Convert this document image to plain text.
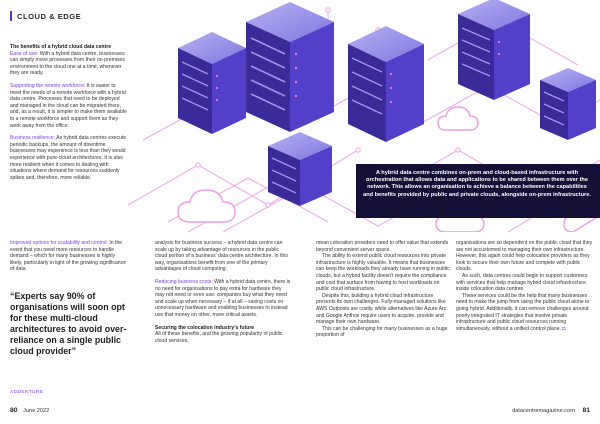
CLOUD & EDGE
The benefits of a hybrid cloud data centre

Ease of use: With a hybrid data centre, businesses can simply move processes from their on-premises environment to the cloud one at a time, whenever they are ready.

Supporting the remote workforce: It is easier to meet the needs of a remote workforce with a hybrid data centre. Processes that need to be deployed and managed in the cloud can be migrated there, and, as a result, it is simpler to make them available to a remote workforce and support them as they work away from the office.

Business resilience: As hybrid data centres execute periodic backups, the amount of downtime businesses may experience is less than they would experience with pure-cloud architectures. It is also more resilient when it comes to dealing with situations where demand for resources suddenly spikes and, therefore, more reliable.

Improved options for scalability and control: In the event that you need more resources to handle demand – which for many businesses is highly likely, particularly in light of the growing significance of data

“Experts say 90% of organisations will soon opt for these multi-cloud architectures to avoid over-reliance on a single public cloud provider”
ADDENTURE
A hybrid data centre combines on-prem and cloud-based infrastructure with orchestration that allows data and applications to be shared between them over the network. This allows an organisation to achieve a balance between the capabilities and benefits provided by public and private clouds, alongside on-prem infrastructure.

analysis for business success – a hybrid data centre can scale up by taking advantage of resources in the public cloud portion of a business' data centre architecture. In this way, organisations benefit from one of the primary advantages of cloud computing.

Reducing business costs: With a hybrid data centre, there is no need for organisations to pay extra for hardware they may not need or even use: companies buy what they need and scale up when necessary – if at all – saving costs on unnecessary hardware and enabling businesses to instead use that money on other, more critical assets.

Securing the colocation industry's future

All of these benefits, and the growing popularity of public cloud services,

mean colocation providers need to offer value that extends beyond convenient server space.

The ability to extend public cloud resources into private infrastructure is highly valuable. It means that businesses can keep the workloads they already have running in public clouds, but a hybrid facility doesn't require the compliance and cost that surface from having to host workloads on public cloud infrastructure.

Despite this, building a hybrid cloud infrastructure presents its own challenges. Fully-managed solutions like AWS Outposts are costly, while alternatives like Azure Arc and Google Anthos require users to acquire, provide and manage their own hardware.

This can be challenging for many businesses as a huge proportion of

organisations are so dependent on the public cloud that they are not accustomed to managing their own infrastructure. However, this again could help colocation providers as they look to secure their own future and compete with public clouds.

As such, data centres could begin to support customers with services that help manage hybrid cloud infrastructure inside colocation data centres.

These services could be the help that many businesses need to make the jump from using the public cloud alone to going hybrid. Additionally, it can remove challenges around poorly integrated IT strategies that involve private infrastructure and public cloud resources running simultaneously, without a unified control plane. ◘

80 June 2022	datacentremagazine.com 81
